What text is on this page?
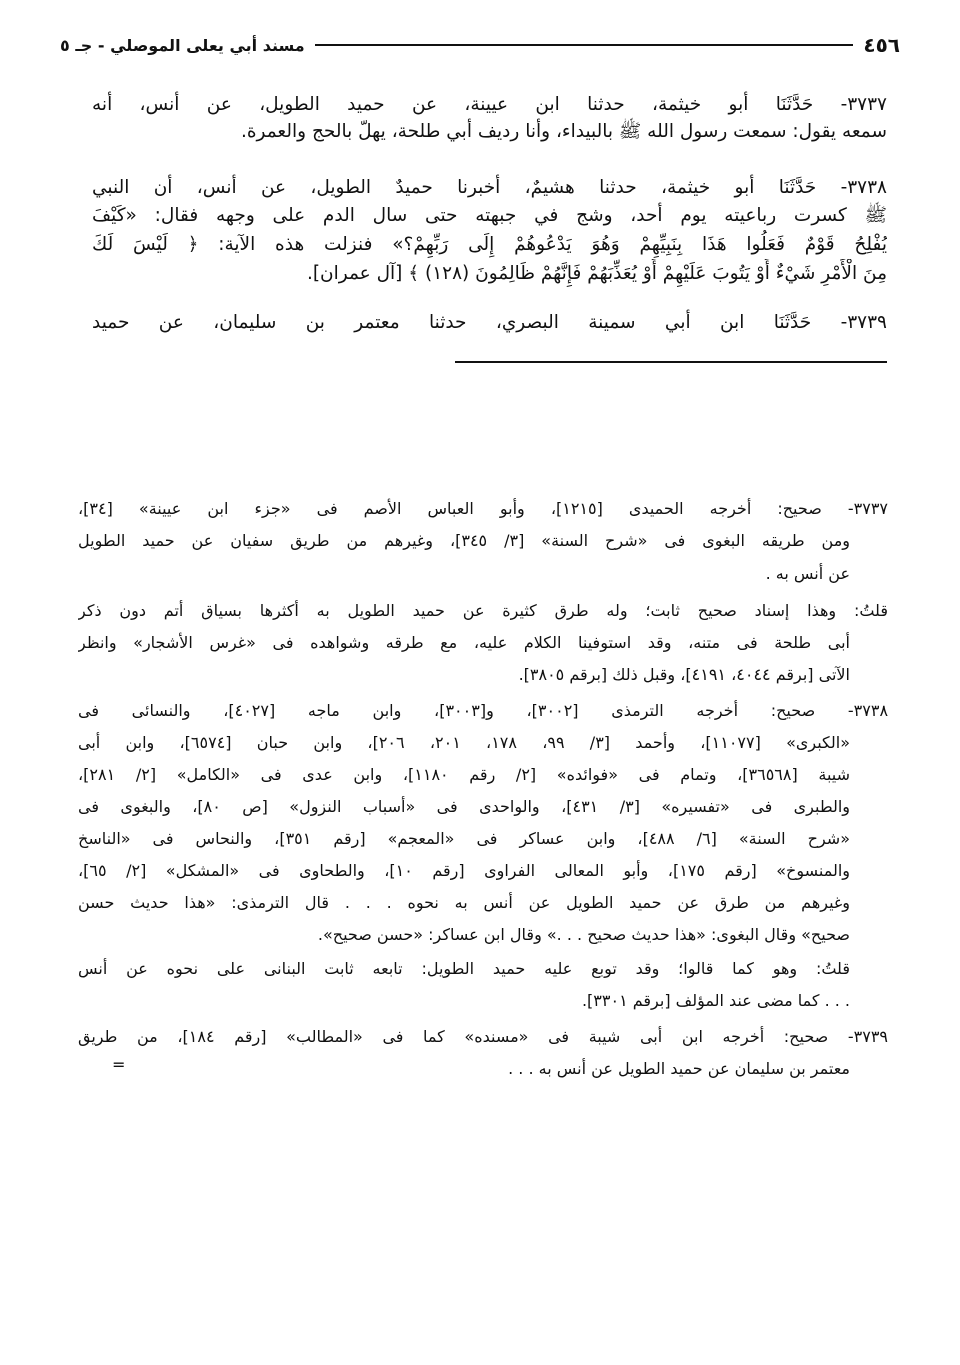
٤٥٦
مسند أبي يعلى الموصلي - جـ ٥
٣٧٣٧- حَدَّثَنَا أبو خيثمة، حدثنا ابن عيينة، عن حميد الطويل، عن أنس، أنه
سمعه يقول: سمعت رسول الله ﷺ بالبيداء، وأنا رديف أبي طلحة، يهلّ بالحج والعمرة.
٣٧٣٨- حَدَّثَنَا أبو خيثمة، حدثنا هشيمٌ، أخبرنا حميدٌ الطويل، عن أنس، أن النبي
ﷺ كسرت رباعيته يوم أحد، وشج في جبهته حتى سال الدم على وجهه فقال: «كَيْفَ
يُفْلِحُ قَوْمٌ فَعَلُوا هَذَا بِنَبِيِّهِمْ وَهُوَ يَدْعُوهُمْ إِلَى رَبِّهِمْ؟» فنزلت هذه الآية: ﴿ لَيْسَ لَكَ
مِنَ الْأَمْرِ شَيْءٌ أَوْ يَتُوبَ عَلَيْهِمْ أَوْ يُعَذِّبَهُمْ فَإِنَّهُمْ ظَالِمُونَ (١٢٨) ﴾ [آل عمران].
٣٧٣٩- حَدَّثَنَا ابن أبي سمينة البصري، حدثنا معتمر بن سليمان، عن حميد
٣٧٣٧- صحيح: أخرجه الحميدى [١٢١٥]، وأبو العباس الأصم فى «جزء ابن عيينة» [٣٤]،
ومن طريقه البغوى فى «شرح السنة» [٣/ ٣٤٥]، وغيرهم من طريق سفيان عن حميد الطويل
عن أنس به .
قلتُ: وهذا إسناد صحيح ثابت؛ وله طرق كثيرة عن حميد الطويل به أكثرها بسياق أتم دون ذكر
أبى طلحة فى متنه، وقد استوفينا الكلام عليه، مع طرقه وشواهده فى «غرس الأشجار» وانظر
الآتى [برقم ٤٠٤٤، ٤١٩١]، وقبل ذلك [برقم ٣٨٠٥].
٣٧٣٨- صحيح: أخرجه الترمذى [٣٠٠٢]، و[٣٠٠٣]، وابن ماجه [٤٠٢٧]، والنسائى فى
«الكبرى» [١١٠٧٧]، وأحمد [٣/ ٩٩، ١٧٨، ٢٠١، ٢٠٦]، وابن حبان [٦٥٧٤]، وابن أبى
شيبة [٣٦٥٦٨]، وتمام فى «فوائده» [٢/ رقم ١١٨٠]، وابن عدى فى «الكامل» [٢/ ٢٨١]،
والطبرى فى «تفسيره» [٣/ ٤٣١]، والواحدى فى «أسباب النزول» [ص ٨٠]، والبغوى فى
«شرح السنة» [٦/ ٤٨٨]، وابن عساكر فى «المعجم» [رقم ٣٥١]، والنحاس فى «الناسخ
والمنسوخ» [رقم ١٧٥]، وأبو المعالى الفراوى [رقم ١٠]، والطحاوى فى «المشكل» [٢/ ٦٥]،
وغيرهم من طرق عن حميد الطويل عن أنس به نحوه . . . قال الترمذى: «هذا حديث حسن
صحيح» وقال البغوى: «هذا حديث صحيح . . .» وقال ابن عساكر: «حسن صحيح».
قلتُ: وهو كما قالوا؛ وقد توبع عليه حميد الطويل: تابعه ثابت البنانى على نحوه عن أنس
. . . كما مضى عند المؤلف [برقم ٣٣٠١].
٣٧٣٩- صحيح: أخرجه ابن أبى شيبة فى «مسنده» كما فى «المطالب» [رقم ١٨٤]، من طريق
معتمر بن سليمان عن حميد الطويل عن أنس به . . .
=
